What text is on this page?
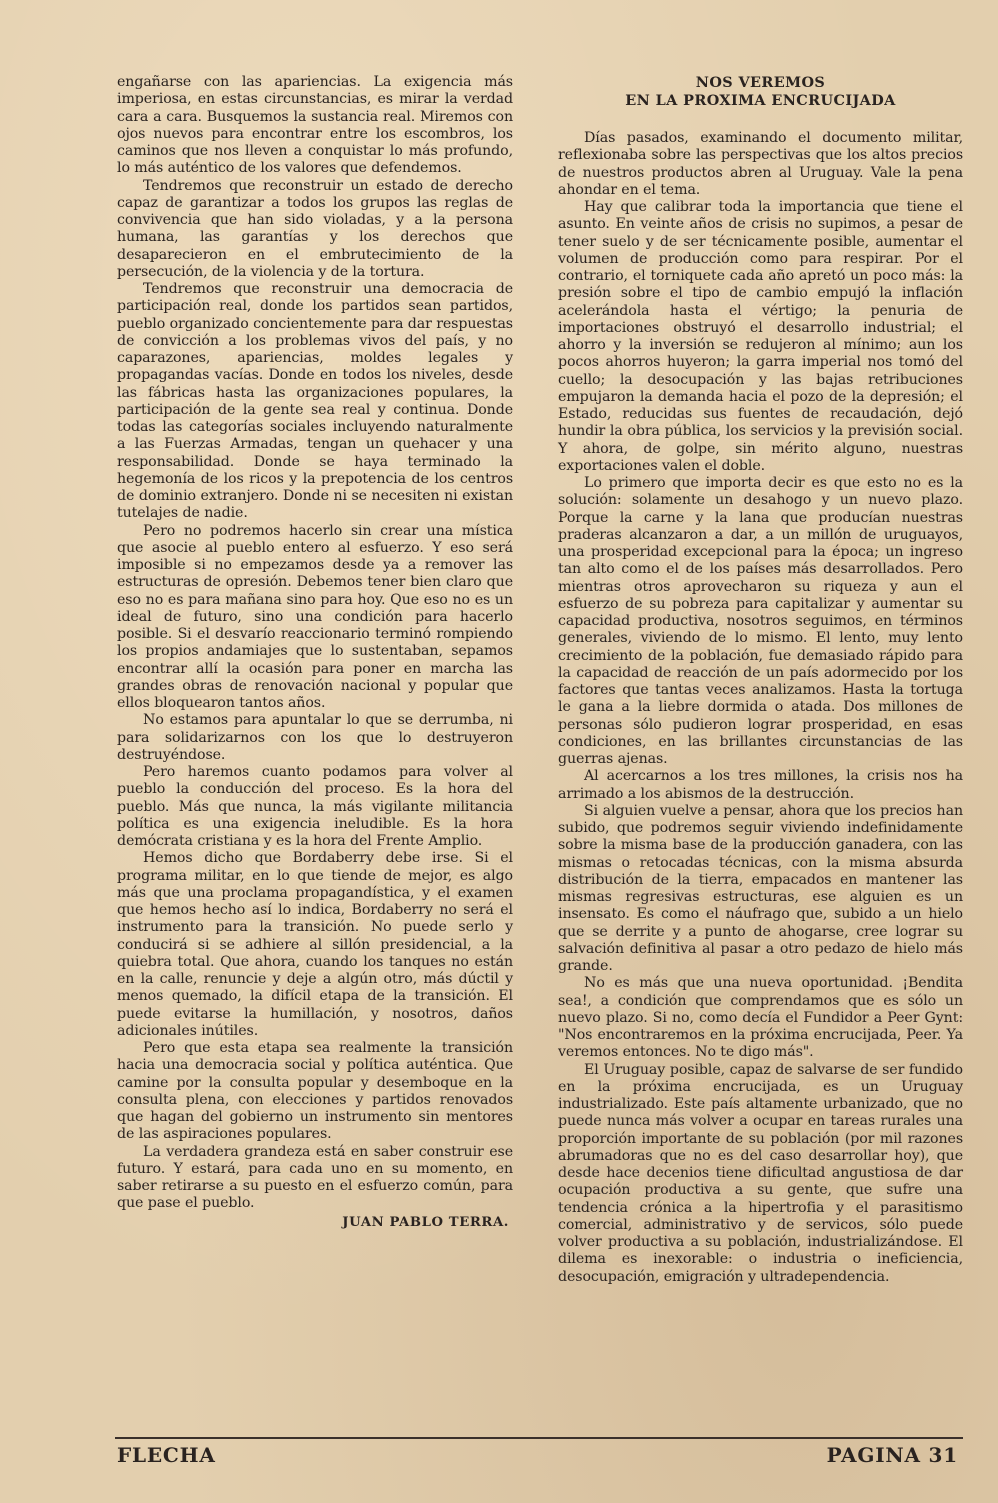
engañarse con las apariencias. La exigencia más imperiosa, en estas circunstancias, es mirar la verdad cara a cara. Busquemos la sustancia real. Miremos con ojos nuevos para encontrar entre los escombros, los caminos que nos lleven a conquistar lo más profundo, lo más auténtico de los valores que defendemos.

Tendremos que reconstruir un estado de derecho capaz de garantizar a todos los grupos las reglas de convivencia que han sido violadas, y a la persona humana, las garantías y los derechos que desaparecieron en el embrutecimiento de la persecución, de la violencia y de la tortura.

Tendremos que reconstruir una democracia de participación real, donde los partidos sean partidos, pueblo organizado concientemente para dar respuestas de convicción a los problemas vivos del país, y no caparazones, apariencias, moldes legales y propagandas vacías. Donde en todos los niveles, desde las fábricas hasta las organizaciones populares, la participación de la gente sea real y continua. Donde todas las categorías sociales incluyendo naturalmente a las Fuerzas Armadas, tengan un quehacer y una responsabilidad. Donde se haya terminado la hegemonía de los ricos y la prepotencia de los centros de dominio extranjero. Donde ni se necesiten ni existan tutelajes de nadie.

Pero no podremos hacerlo sin crear una mística que asocie al pueblo entero al esfuerzo. Y eso será imposible si no empezamos desde ya a remover las estructuras de opresión. Debemos tener bien claro que eso no es para mañana sino para hoy. Que eso no es un ideal de futuro, sino una condición para hacerlo posible. Si el desvarío reaccionario terminó rompiendo los propios andamiajes que lo sustentaban, sepamos encontrar allí la ocasión para poner en marcha las grandes obras de renovación nacional y popular que ellos bloquearon tantos años.

No estamos para apuntalar lo que se derrumba, ni para solidarizarnos con los que lo destruyeron destruyéndose.

Pero haremos cuanto podamos para volver al pueblo la conducción del proceso. Es la hora del pueblo. Más que nunca, la más vigilante militancia política es una exigencia ineludible. Es la hora demócrata cristiana y es la hora del Frente Amplio.

Hemos dicho que Bordaberry debe irse. Si el programa militar, en lo que tiende de mejor, es algo más que una proclama propagandística, y el examen que hemos hecho así lo indica, Bordaberry no será el instrumento para la transición. No puede serlo y conducirá si se adhiere al sillón presidencial, a la quiebra total. Que ahora, cuando los tanques no están en la calle, renuncie y deje a algún otro, más dúctil y menos quemado, la difícil etapa de la transición. El puede evitarse la humillación, y nosotros, daños adicionales inútiles.

Pero que esta etapa sea realmente la transición hacia una democracia social y política auténtica. Que camine por la consulta popular y desemboque en la consulta plena, con elecciones y partidos renovados que hagan del gobierno un instrumento sin mentores de las aspiraciones populares.

La verdadera grandeza está en saber construir ese futuro. Y estará, para cada uno en su momento, en saber retirarse a su puesto en el esfuerzo común, para que pase el pueblo.

JUAN PABLO TERRA.
NOS VEREMOS
EN LA PROXIMA ENCRUCIJADA

Días pasados, examinando el documento militar, reflexionaba sobre las perspectivas que los altos precios de nuestros productos abren al Uruguay. Vale la pena ahondar en el tema.

Hay que calibrar toda la importancia que tiene el asunto. En veinte años de crisis no supimos, a pesar de tener suelo y de ser técnicamente posible, aumentar el volumen de producción como para respirar. Por el contrario, el torniquete cada año apretó un poco más: la presión sobre el tipo de cambio empujó la inflación acelerándola hasta el vértigo; la penuria de importaciones obstruyó el desarrollo industrial; el ahorro y la inversión se redujeron al mínimo; aun los pocos ahorros huyeron; la garra imperial nos tomó del cuello; la desocupación y las bajas retribuciones empujaron la demanda hacia el pozo de la depresión; el Estado, reducidas sus fuentes de recaudación, dejó hundir la obra pública, los servicios y la previsión social. Y ahora, de golpe, sin mérito alguno, nuestras exportaciones valen el doble.

Lo primero que importa decir es que esto no es la solución: solamente un desahogo y un nuevo plazo. Porque la carne y la lana que producían nuestras praderas alcanzaron a dar, a un millón de uruguayos, una prosperidad excepcional para la época; un ingreso tan alto como el de los países más desarrollados. Pero mientras otros aprovecharon su riqueza y aun el esfuerzo de su pobreza para capitalizar y aumentar su capacidad productiva, nosotros seguimos, en términos generales, viviendo de lo mismo. El lento, muy lento crecimiento de la población, fue demasiado rápido para la capacidad de reacción de un país adormecido por los factores que tantas veces analizamos. Hasta la tortuga le gana a la liebre dormida o atada. Dos millones de personas sólo pudieron lograr prosperidad, en esas condiciones, en las brillantes circunstancias de las guerras ajenas.

Al acercarnos a los tres millones, la crisis nos ha arrimado a los abismos de la destrucción.

Si alguien vuelve a pensar, ahora que los precios han subido, que podremos seguir viviendo indefinidamente sobre la misma base de la producción ganadera, con las mismas o retocadas técnicas, con la misma absurda distribución de la tierra, empacados en mantener las mismas regresivas estructuras, ese alguien es un insensato. Es como el náufrago que, subido a un hielo que se derrite y a punto de ahogarse, cree lograr su salvación definitiva al pasar a otro pedazo de hielo más grande.

No es más que una nueva oportunidad. ¡Bendita sea!, a condición que comprendamos que es sólo un nuevo plazo. Si no, como decía el Fundidor a Peer Gynt: "Nos encontraremos en la próxima encrucijada, Peer. Ya veremos entonces. No te digo más".

El Uruguay posible, capaz de salvarse de ser fundido en la próxima encrucijada, es un Uruguay industrializado. Este país altamente urbanizado, que no puede nunca más volver a ocupar en tareas rurales una proporción importante de su población (por mil razones abrumadoras que no es del caso desarrollar hoy), que desde hace decenios tiene dificultad angustiosa de dar ocupación productiva a su gente, que sufre una tendencia crónica a la hipertrofia y el parasitismo comercial, administrativo y de servicos, sólo puede volver productiva a su población, industrializándose. El dilema es inexorable: o industria o ineficiencia, desocupación, emigración y ultradependencia.

FLECHA	PAGINA 31
